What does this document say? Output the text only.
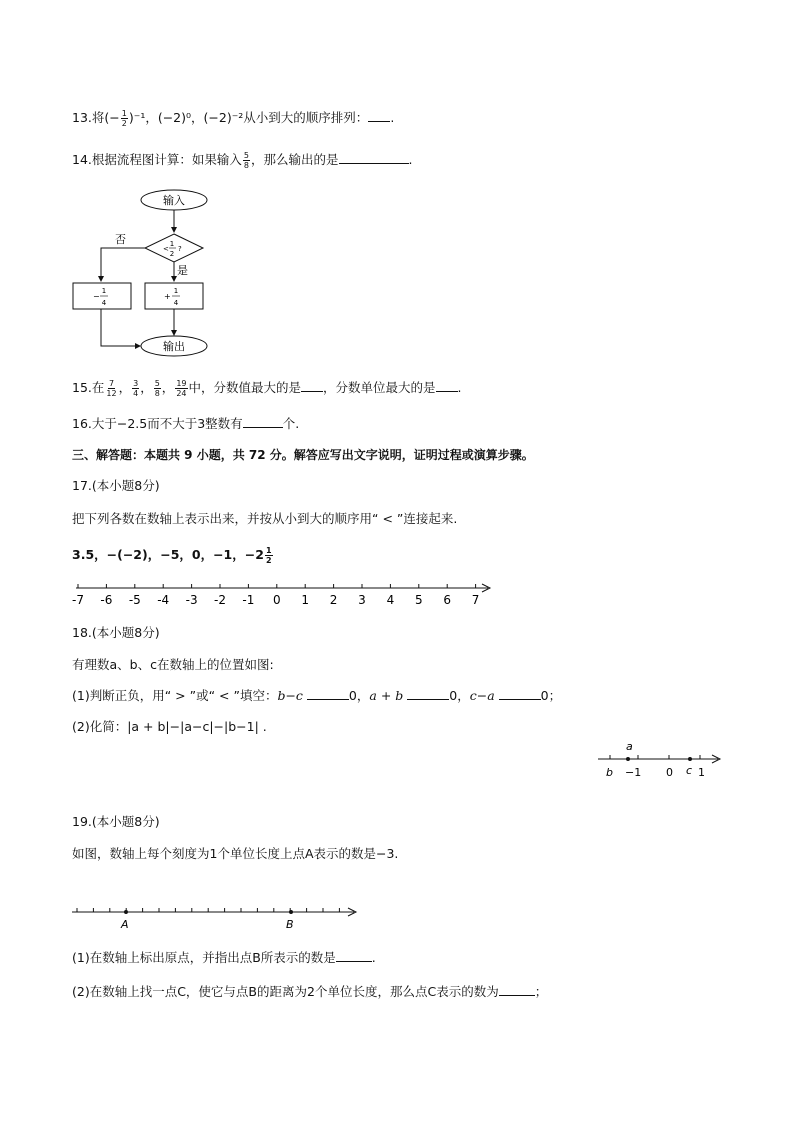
13.将(− $\frac{1}{2} )^{-1}$，(−2)⁰，(−2)⁻²从小到大的顺序排列： .
14.根据流程图计算：如果输入 $\frac{5}{8}$ ，那么输出的是	.
输入
<
1
2
?
否
是
−
1
4
+
1
4
输出
15.在 $\frac{7}{12}$ ， $\frac{3}{4}$ ， $\frac{5}{8}$ ， $\frac{19}{24}$ 中，分数值最大的是 ，分数单位最大的是 .
16.大于−2.5而不大于3整数有	个.
三、解答题：本题共 9 小题，共 72 分。解答应写出文字说明，证明过程或演算步骤。
17.(本小题8分)
把下列各数在数轴上表示出来，并按从小到大的顺序用“ < ”连接起来.
3.5，−(−2)，−5，0，−1，$-2 \frac{1}{2}$
-7 -6 -5 -4 -3 -2 -1 0 1 2 3 4 5 6 7
18.(本小题8分)
有理数a、b、c在数轴上的位置如图:
(1)判断正负，用“ > ”或“ < ”填空：b−c	0，a + b	0，c−a	0；
(2)化简：|a + b|−|a−c|−|b−1| .
a
b −1 0 c 1
19.(本小题8分)
如图，数轴上每个刻度为1个单位长度上点A表示的数是−3.
A	B
(1)在数轴上标出原点，并指出点B所表示的数是	.
(2)在数轴上找一点C，使它与点B的距离为2个单位长度，那么点C表示的数为	；
